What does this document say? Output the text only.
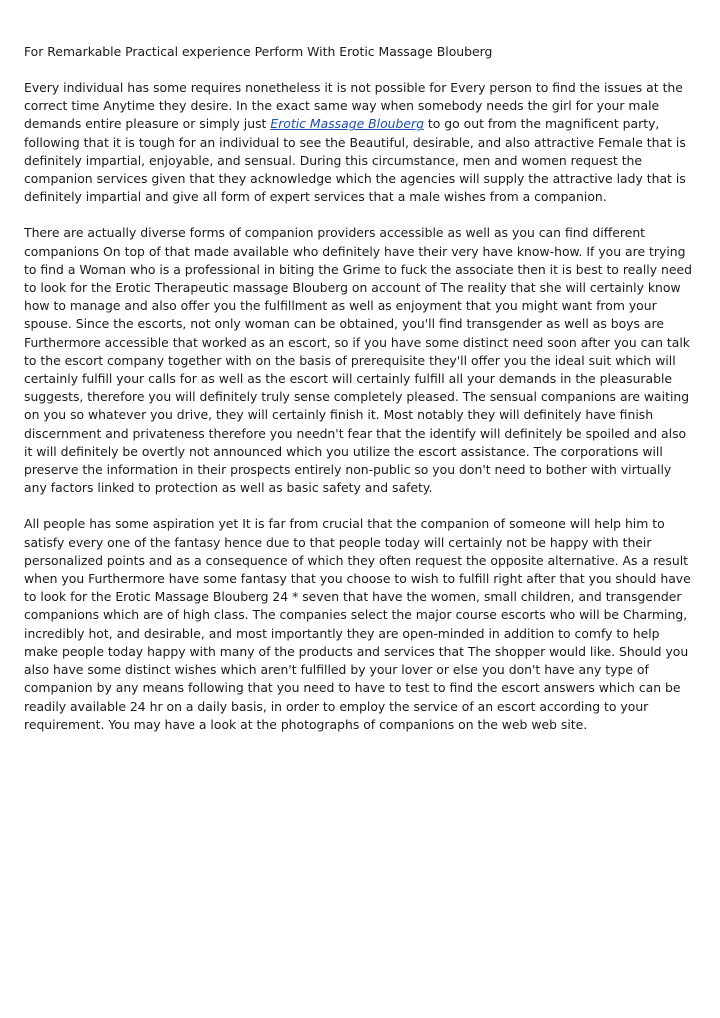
For Remarkable Practical experience Perform With Erotic Massage Blouberg

Every individual has some requires nonetheless it is not possible for Every person to find the issues at the correct time Anytime they desire. In the exact same way when somebody needs the girl for your male demands entire pleasure or simply just Erotic Massage Blouberg to go out from the magnificent party, following that it is tough for an individual to see the Beautiful, desirable, and also attractive Female that is definitely impartial, enjoyable, and sensual. During this circumstance, men and women request the companion services given that they acknowledge which the agencies will supply the attractive lady that is definitely impartial and give all form of expert services that a male wishes from a companion.

There are actually diverse forms of companion providers accessible as well as you can find different companions On top of that made available who definitely have their very have know-how. If you are trying to find a Woman who is a professional in biting the Grime to fuck the associate then it is best to really need to look for the Erotic Therapeutic massage Blouberg on account of The reality that she will certainly know how to manage and also offer you the fulfillment as well as enjoyment that you might want from your spouse. Since the escorts, not only woman can be obtained, you'll find transgender as well as boys are Furthermore accessible that worked as an escort, so if you have some distinct need soon after you can talk to the escort company together with on the basis of prerequisite they'll offer you the ideal suit which will certainly fulfill your calls for as well as the escort will certainly fulfill all your demands in the pleasurable suggests, therefore you will definitely truly sense completely pleased. The sensual companions are waiting on you so whatever you drive, they will certainly finish it. Most notably they will definitely have finish discernment and privateness therefore you needn't fear that the identify will definitely be spoiled and also it will definitely be overtly not announced which you utilize the escort assistance. The corporations will preserve the information in their prospects entirely non-public so you don't need to bother with virtually any factors linked to protection as well as basic safety and safety.

All people has some aspiration yet It is far from crucial that the companion of someone will help him to satisfy every one of the fantasy hence due to that people today will certainly not be happy with their personalized points and as a consequence of which they often request the opposite alternative. As a result when you Furthermore have some fantasy that you choose to wish to fulfill right after that you should have to look for the Erotic Massage Blouberg 24 * seven that have the women, small children, and transgender companions which are of high class. The companies select the major course escorts who will be Charming, incredibly hot, and desirable, and most importantly they are open-minded in addition to comfy to help make people today happy with many of the products and services that The shopper would like. Should you also have some distinct wishes which aren't fulfilled by your lover or else you don't have any type of companion by any means following that you need to have to test to find the escort answers which can be readily available 24 hr on a daily basis, in order to employ the service of an escort according to your requirement. You may have a look at the photographs of companions on the web web site.
